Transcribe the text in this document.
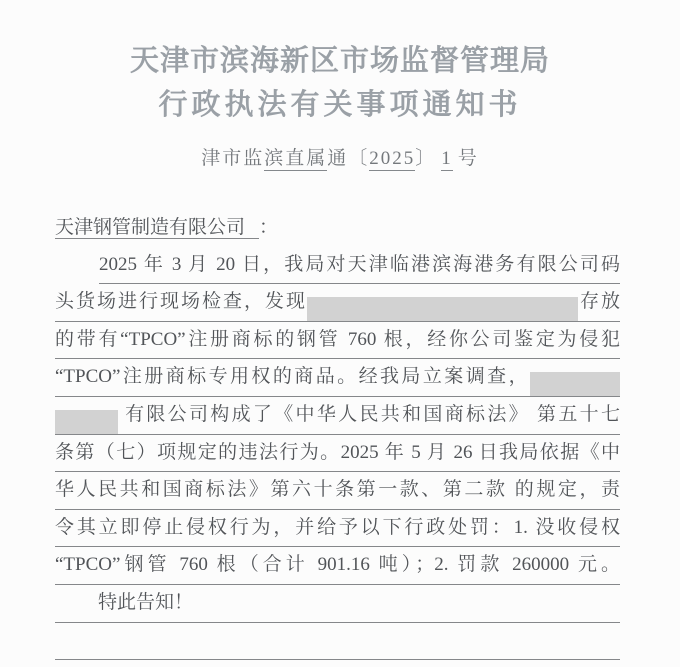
天津市滨海新区市场监督管理局
行政执法有关事项通知书
津市监滨直属通〔2025〕 1 号
天津钢管制造有限公司 ：
2025 年 3 月 20 日，我局对天津临港滨海港务有限公司码
头货场进行现场检查，发现	存放
的带有“TPCO”注册商标的钢管 760 根，经你公司鉴定为侵犯
“TPCO”注册商标专用权的商品。经我局立案调查，
有限公司构成了《中华人民共和国商标法》 第五十七
条第（七）项规定的违法行为。2025 年 5 月 26 日我局依据《中
华人民共和国商标法》第六十条第一款、第二款 的规定，责
令其立即停止侵权行为，并给予以下行政处罚：1. 没收侵权
“TPCO”钢管 760 根（合计 901.16 吨）；2. 罚款 260000 元。
特此告知！
